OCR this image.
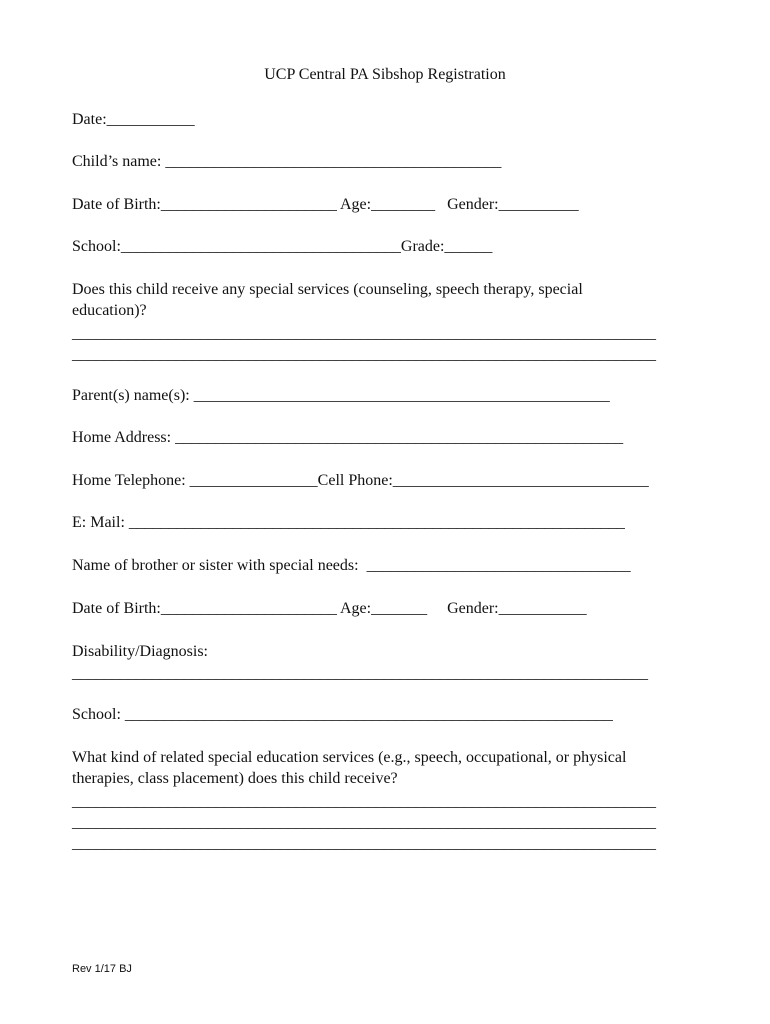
UCP Central PA Sibshop Registration
Date:___________
Child’s name: __________________________________________
Date of Birth:______________________ Age:________   Gender:__________
School:___________________________________Grade:______
Does this child receive any special services (counseling, speech therapy, special
education)?
_________________________________________________________________________
_________________________________________________________________________
Parent(s) name(s): ____________________________________________________
Home Address: ________________________________________________________
Home Telephone: ________________Cell Phone:________________________________
E: Mail: ______________________________________________________________
Name of brother or sister with special needs:  _________________________________
Date of Birth:______________________ Age:_______     Gender:___________
Disability/Diagnosis:
________________________________________________________________________
School: _____________________________________________________________
What kind of related special education services (e.g., speech, occupational, or physical
therapies, class placement) does this child receive?
_________________________________________________________________________
_________________________________________________________________________
_________________________________________________________________________
Rev 1/17 BJ
